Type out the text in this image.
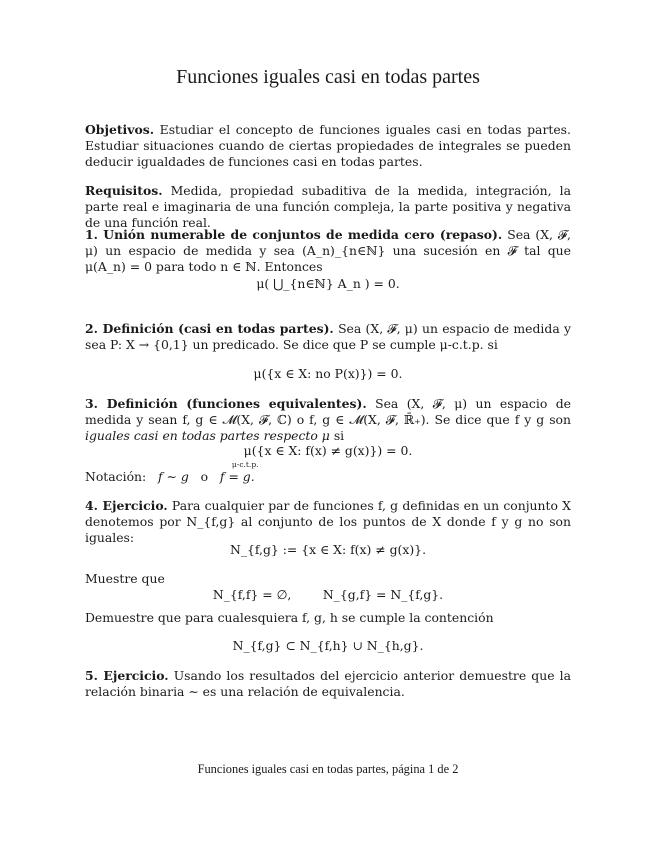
Funciones iguales casi en todas partes

Objetivos. Estudiar el concepto de funciones iguales casi en todas partes. Estudiar situaciones cuando de ciertas propiedades de integrales se pueden deducir igualdades de funciones casi en todas partes.

Requisitos. Medida, propiedad subaditiva de la medida, integración, la parte real e imaginaria de una función compleja, la parte positiva y negativa de una función real.

1. Unión numerable de conjuntos de medida cero (repaso). Sea (X, 𝓕, μ) un espacio de medida y sea (A_n)_{n∈ℕ} una sucesión en 𝓕 tal que μ(A_n) = 0 para todo n ∈ ℕ. Entonces

μ( ⋃_{n∈ℕ} A_n ) = 0.

2. Definición (casi en todas partes). Sea (X, 𝓕, μ) un espacio de medida y sea P: X → {0,1} un predicado. Se dice que P se cumple μ-c.t.p. si

μ({x ∈ X: no P(x)}) = 0.

3. Definición (funciones equivalentes). Sea (X, 𝓕, μ) un espacio de medida y sean f, g ∈ 𝓜(X, 𝓕, ℂ) o f, g ∈ 𝓜(X, 𝓕, ℝ̄₊). Se dice que f y g son iguales casi en todas partes respecto μ si

μ({x ∈ X: f(x) ≠ g(x)}) = 0.
Notación: f ∼ g o
μ-c.t.p.
f = g.

4. Ejercicio. Para cualquier par de funciones f, g definidas en un conjunto X denotemos por N_{f,g} al conjunto de los puntos de X donde f y g no son iguales:

N_{f,g} := {x ∈ X: f(x) ≠ g(x)}.
Muestre que
N_{f,f} = ∅,	N_{g,f} = N_{f,g}.
Demuestre que para cualesquiera f, g, h se cumple la contención
N_{f,g} ⊂ N_{f,h} ∪ N_{h,g}.

5. Ejercicio. Usando los resultados del ejercicio anterior demuestre que la relación binaria ∼ es una relación de equivalencia.

Funciones iguales casi en todas partes, página 1 de 2
